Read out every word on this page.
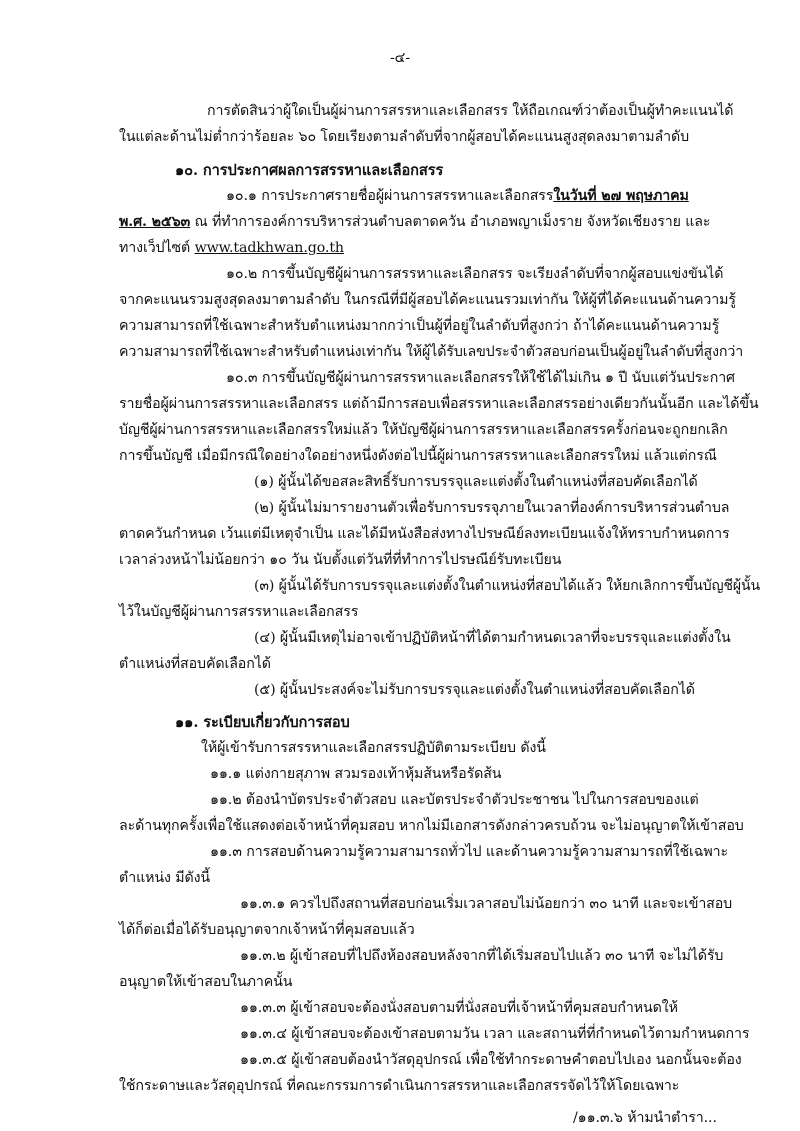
-๔-
การตัดสินว่าผู้ใดเป็นผู้ผ่านการสรรหาและเลือกสรร ให้ถือเกณฑ์ว่าต้องเป็นผู้ทำคะแนนได้
ในแต่ละด้านไม่ต่ำกว่าร้อยละ ๖๐ โดยเรียงตามลำดับที่จากผู้สอบได้คะแนนสูงสุดลงมาตามลำดับ
๑๐. การประกาศผลการสรรหาและเลือกสรร
๑๐.๑ การประกาศรายชื่อผู้ผ่านการสรรหาและเลือกสรรในวันที่ ๒๗ พฤษภาคม
พ.ศ. ๒๕๖๓ ณ ที่ทำการองค์การบริหารส่วนตำบลตาดควัน อำเภอพญาเม็งราย จังหวัดเชียงราย และ
ทางเว็ปไซต์ www.tadkhwan.go.th
๑๐.๒ การขึ้นบัญชีผู้ผ่านการสรรหาและเลือกสรร จะเรียงลำดับที่จากผู้สอบแข่งขันได้
จากคะแนนรวมสูงสุดลงมาตามลำดับ ในกรณีที่มีผู้สอบได้คะแนนรวมเท่ากัน ให้ผู้ที่ได้คะแนนด้านความรู้
ความสามารถที่ใช้เฉพาะสำหรับตำแหน่งมากกว่าเป็นผู้ที่อยู่ในลำดับที่สูงกว่า ถ้าได้คะแนนด้านความรู้
ความสามารถที่ใช้เฉพาะสำหรับตำแหน่งเท่ากัน ให้ผู้ได้รับเลขประจำตัวสอบก่อนเป็นผู้อยู่ในลำดับที่สูงกว่า
๑๐.๓ การขึ้นบัญชีผู้ผ่านการสรรหาและเลือกสรรให้ใช้ได้ไม่เกิน ๑ ปี นับแต่วันประกาศ
รายชื่อผู้ผ่านการสรรหาและเลือกสรร แต่ถ้ามีการสอบเพื่อสรรหาและเลือกสรรอย่างเดียวกันนั้นอีก และได้ขึ้น
บัญชีผู้ผ่านการสรรหาและเลือกสรรใหม่แล้ว ให้บัญชีผู้ผ่านการสรรหาและเลือกสรรครั้งก่อนจะถูกยกเลิก
การขึ้นบัญชี เมื่อมีกรณีใดอย่างใดอย่างหนึ่งดังต่อไปนี้ผู้ผ่านการสรรหาและเลือกสรรใหม่ แล้วแต่กรณี
(๑) ผู้นั้นได้ขอสละสิทธิ์รับการบรรจุและแต่งตั้งในตำแหน่งที่สอบคัดเลือกได้
(๒) ผู้นั้นไม่มารายงานตัวเพื่อรับการบรรจุภายในเวลาที่องค์การบริหารส่วนตำบล
ตาดควันกำหนด เว้นแต่มีเหตุจำเป็น และได้มีหนังสือส่งทางไปรษณีย์ลงทะเบียนแจ้งให้ทราบกำหนดการ
เวลาล่วงหน้าไม่น้อยกว่า ๑๐ วัน นับตั้งแต่วันที่ที่ทำการไปรษณีย์รับทะเบียน
(๓) ผู้นั้นได้รับการบรรจุและแต่งตั้งในตำแหน่งที่สอบได้แล้ว ให้ยกเลิกการขึ้นบัญชีผู้นั้น
ไว้ในบัญชีผู้ผ่านการสรรหาและเลือกสรร
(๔) ผู้นั้นมีเหตุไม่อาจเข้าปฏิบัติหน้าที่ได้ตามกำหนดเวลาที่จะบรรจุและแต่งตั้งใน
ตำแหน่งที่สอบคัดเลือกได้
(๕) ผู้นั้นประสงค์จะไม่รับการบรรจุและแต่งตั้งในตำแหน่งที่สอบคัดเลือกได้
๑๑. ระเบียบเกี่ยวกับการสอบ
ให้ผู้เข้ารับการสรรหาและเลือกสรรปฏิบัติตามระเบียบ ดังนี้
๑๑.๑ แต่งกายสุภาพ สวมรองเท้าหุ้มส้นหรือรัดส้น
๑๑.๒ ต้องนำบัตรประจำตัวสอบ และบัตรประจำตัวประชาชน ไปในการสอบของแต่
ละด้านทุกครั้งเพื่อใช้แสดงต่อเจ้าหน้าที่คุมสอบ หากไม่มีเอกสารดังกล่าวครบถ้วน จะไม่อนุญาตให้เข้าสอบ
๑๑.๓ การสอบด้านความรู้ความสามารถทั่วไป และด้านความรู้ความสามารถที่ใช้เฉพาะ
ตำแหน่ง มีดังนี้
๑๑.๓.๑ ควรไปถึงสถานที่สอบก่อนเริ่มเวลาสอบไม่น้อยกว่า ๓๐ นาที และจะเข้าสอบ
ได้ก็ต่อเมื่อได้รับอนุญาตจากเจ้าหน้าที่คุมสอบแล้ว
๑๑.๓.๒ ผู้เข้าสอบที่ไปถึงห้องสอบหลังจากที่ได้เริ่มสอบไปแล้ว ๓๐ นาที จะไม่ได้รับ
อนุญาตให้เข้าสอบในภาคนั้น
๑๑.๓.๓ ผู้เข้าสอบจะต้องนั่งสอบตามที่นั่งสอบที่เจ้าหน้าที่คุมสอบกำหนดให้
๑๑.๓.๔ ผู้เข้าสอบจะต้องเข้าสอบตามวัน เวลา และสถานที่ที่กำหนดไว้ตามกำหนดการ
๑๑.๓.๕ ผู้เข้าสอบต้องนำวัสดุอุปกรณ์ เพื่อใช้ทำกระดาษคำตอบไปเอง นอกนั้นจะต้อง
ใช้กระดาษและวัสดุอุปกรณ์ ที่คณะกรรมการดำเนินการสรรหาและเลือกสรรจัดไว้ให้โดยเฉพาะ
/๑๑.๓.๖ ห้ามนำตำรา...
